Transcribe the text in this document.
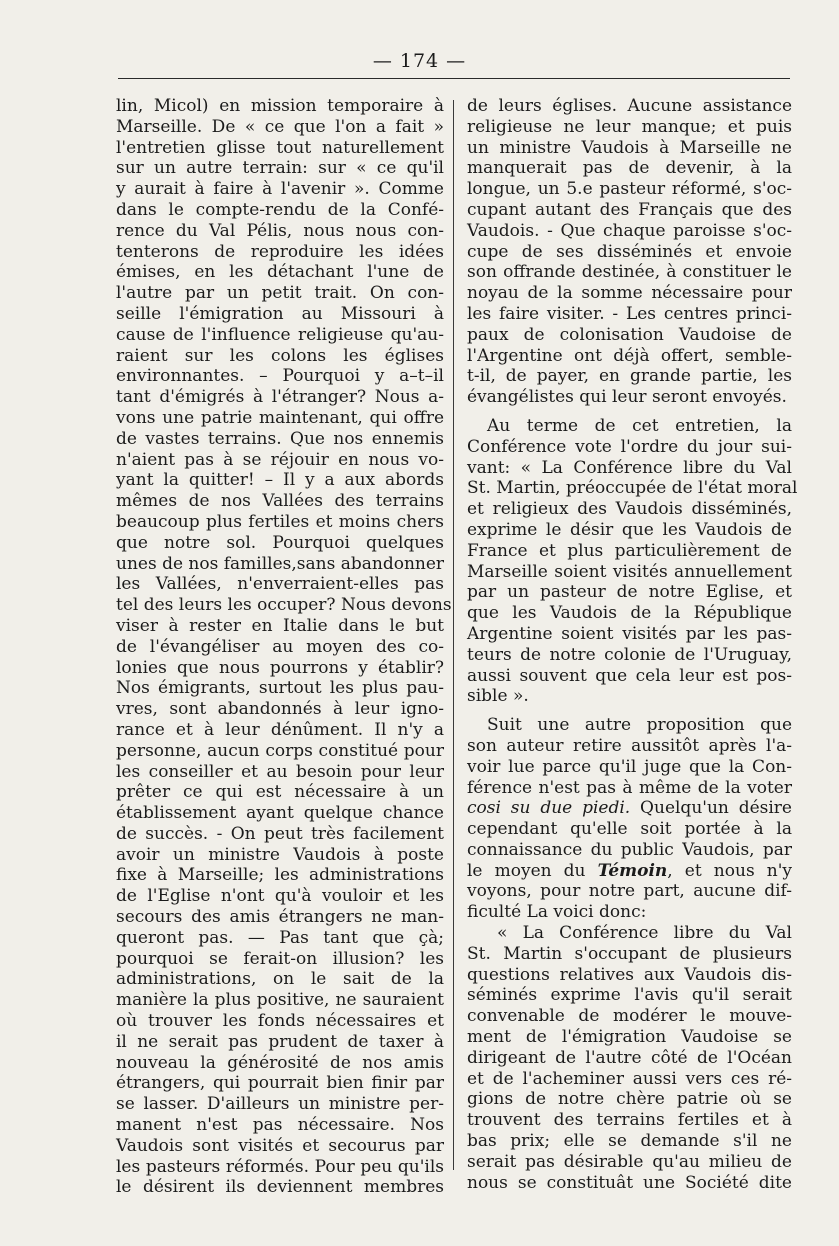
— 174 —
lin, Micol) en mission temporaire à
Marseille. De « ce que l'on a fait »
l'entretien glisse tout naturellement
sur un autre terrain: sur « ce qu'il
y aurait à faire à l'avenir ». Comme
dans le compte-rendu de la Confé-
rence du Val Pélis, nous nous con-
tenterons de reproduire les idées
émises, en les détachant l'une de
l'autre par un petit trait. On con-
seille l'émigration au Missouri à
cause de l'influence religieuse qu'au-
raient sur les colons les églises
environnantes. – Pourquoi y a–t–il
tant d'émigrés à l'étranger? Nous a-
vons une patrie maintenant, qui offre
de vastes terrains. Que nos ennemis
n'aient pas à se réjouir en nous vo-
yant la quitter! – Il y a aux abords
mêmes de nos Vallées des terrains
beaucoup plus fertiles et moins chers
que notre sol. Pourquoi quelques
unes de nos familles,sans abandonner
les Vallées, n'enverraient-elles pas
tel des leurs les occuper? Nous devons
viser à rester en Italie dans le but
de l'évangéliser au moyen des co-
lonies que nous pourrons y établir?
Nos émigrants, surtout les plus pau-
vres, sont abandonnés à leur igno-
rance et à leur dénûment. Il n'y a
personne, aucun corps constitué pour
les conseiller et au besoin pour leur
prêter ce qui est nécessaire à un
établissement ayant quelque chance
de succès. - On peut très facilement
avoir un ministre Vaudois à poste
fixe à Marseille; les administrations
de l'Eglise n'ont qu'à vouloir et les
secours des amis étrangers ne man-
queront pas. — Pas tant que çà;
pourquoi se ferait-on illusion? les
administrations, on le sait de la
manière la plus positive, ne sauraient
où trouver les fonds nécessaires et
il ne serait pas prudent de taxer à
nouveau la générosité de nos amis
étrangers, qui pourrait bien finir par
se lasser. D'ailleurs un ministre per-
manent n'est pas nécessaire. Nos
Vaudois sont visités et secourus par
les pasteurs réformés. Pour peu qu'ils
le désirent ils deviennent membres
de leurs églises. Aucune assistance
religieuse ne leur manque; et puis
un ministre Vaudois à Marseille ne
manquerait pas de devenir, à la
longue, un 5.e pasteur réformé, s'oc-
cupant autant des Français que des
Vaudois. - Que chaque paroisse s'oc-
cupe de ses disséminés et envoie
son offrande destinée, à constituer le
noyau de la somme nécessaire pour
les faire visiter. - Les centres princi-
paux de colonisation Vaudoise de
l'Argentine ont déjà offert, semble-
t-il, de payer, en grande partie, les
évangélistes qui leur seront envoyés.
Au terme de cet entretien, la
Conférence vote l'ordre du jour sui-
vant: « La Conférence libre du Val
St. Martin, préoccupée de l'état moral
et religieux des Vaudois disséminés,
exprime le désir que les Vaudois de
France et plus particulièrement de
Marseille soient visités annuellement
par un pasteur de notre Eglise, et
que les Vaudois de la République
Argentine soient visités par les pas-
teurs de notre colonie de l'Uruguay,
aussi souvent que cela leur est pos-
sible ».
Suit une autre proposition que
son auteur retire aussitôt après l'a-
voir lue parce qu'il juge que la Con-
férence n'est pas à même de la voter
cosi su due piedi. Quelqu'un désire
cependant qu'elle soit portée à la
connaissance du public Vaudois, par
le moyen du Témoin, et nous n'y
voyons, pour notre part, aucune dif-
ficulté La voici donc:
« La Conférence libre du Val
St. Martin s'occupant de plusieurs
questions relatives aux Vaudois dis-
séminés exprime l'avis qu'il serait
convenable de modérer le mouve-
ment de l'émigration Vaudoise se
dirigeant de l'autre côté de l'Océan
et de l'acheminer aussi vers ces ré-
gions de notre chère patrie où se
trouvent des terrains fertiles et à
bas prix; elle se demande s'il ne
serait pas désirable qu'au milieu de
nous se constituât une Société dite
